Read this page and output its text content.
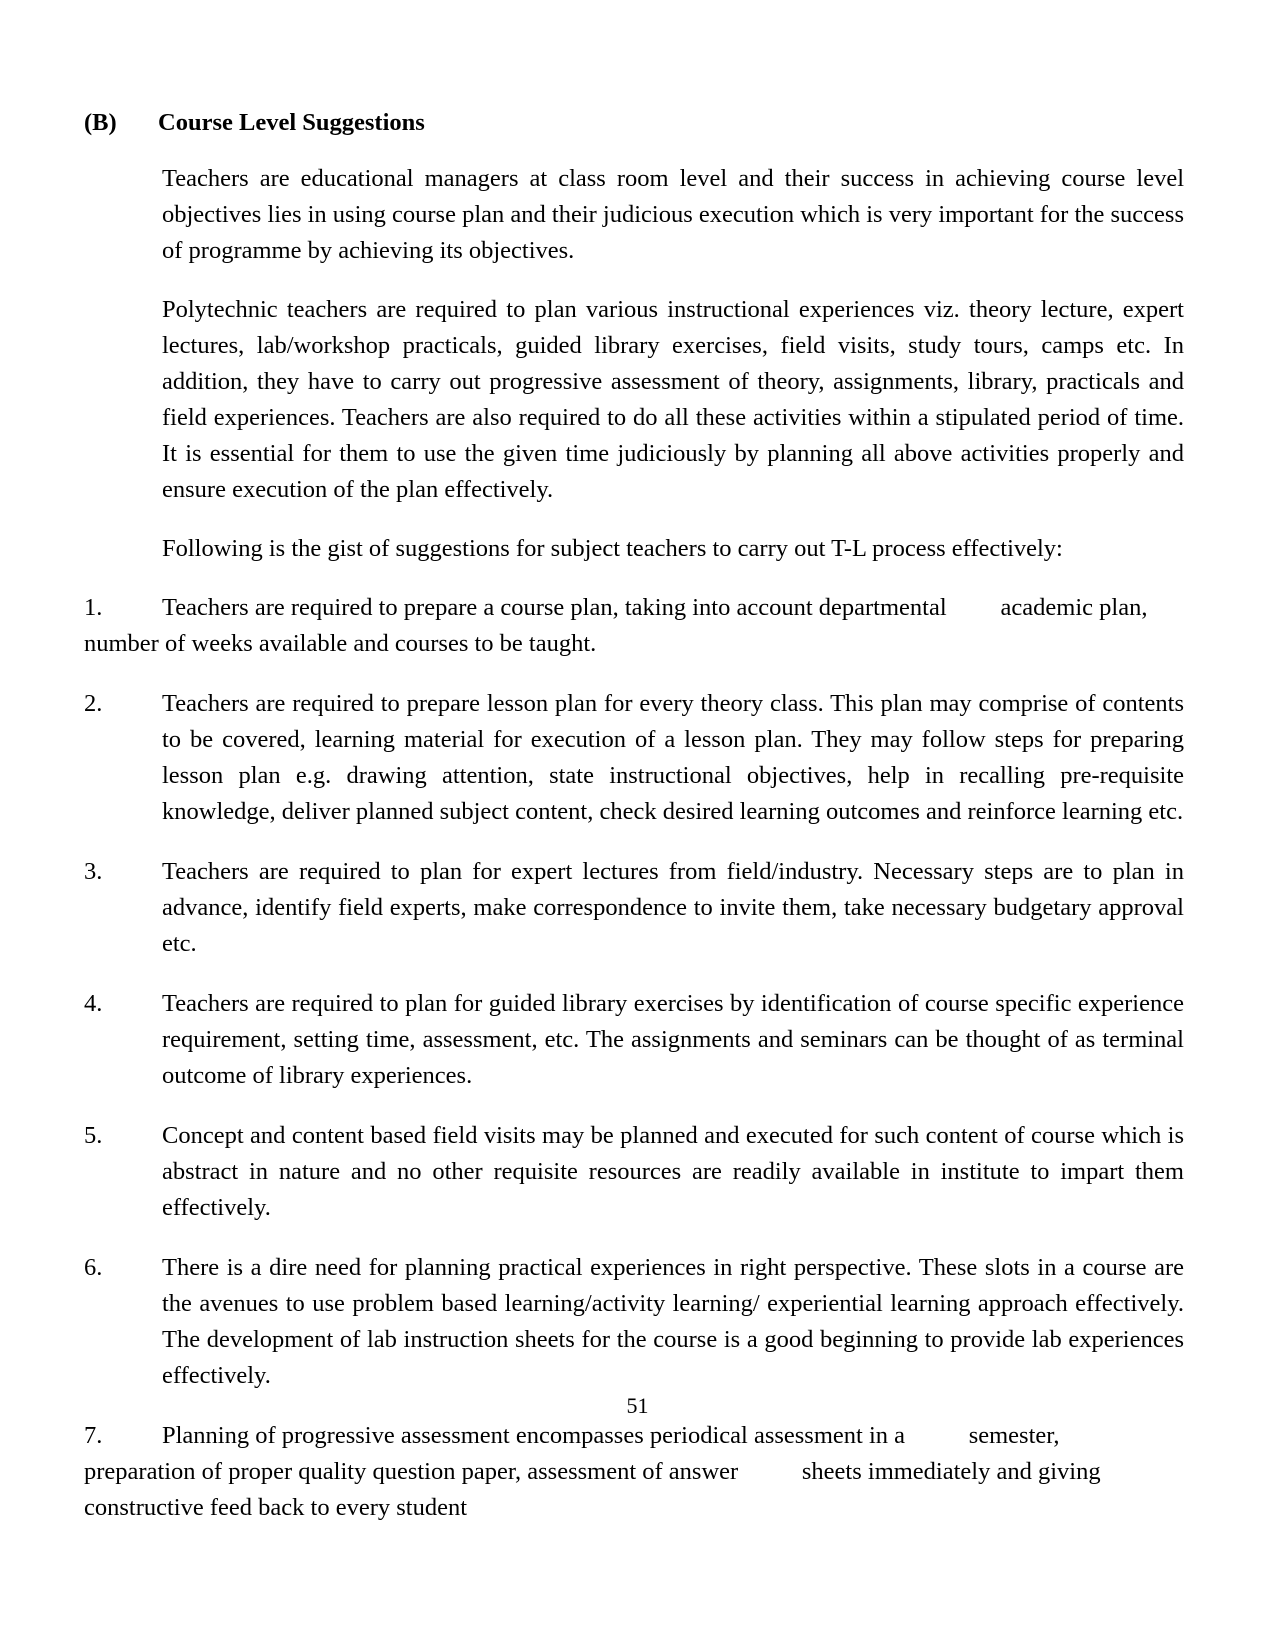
(B)	Course Level Suggestions

Teachers are educational managers at class room level and their success in achieving course level objectives lies in using course plan and their judicious execution which is very important for the success of programme by achieving its objectives.

Polytechnic teachers are required to plan various instructional experiences viz. theory lecture, expert lectures, lab/workshop practicals, guided library exercises, field visits, study tours, camps etc. In addition, they have to carry out progressive assessment of theory, assignments, library, practicals and field experiences. Teachers are also required to do all these activities within a stipulated period of time. It is essential for them to use the given time judiciously by planning all above activities properly and ensure execution of the plan effectively.

Following is the gist of suggestions for subject teachers to carry out T-L process effectively:

1. Teachers are required to prepare a course plan, taking into account departmental academic plan, number of weeks available and courses to be taught.
2.	Teachers are required to prepare lesson plan for every theory class. This plan may comprise of contents to be covered, learning material for execution of a lesson plan. They may follow steps for preparing lesson plan e.g. drawing attention, state instructional objectives, help in recalling pre-requisite knowledge, deliver planned subject content, check desired learning outcomes and reinforce learning etc.
3.	Teachers are required to plan for expert lectures from field/industry. Necessary steps are to plan in advance, identify field experts, make correspondence to invite them, take necessary budgetary approval etc.
4.	Teachers are required to plan for guided library exercises by identification of course specific experience requirement, setting time, assessment, etc. The assignments and seminars can be thought of as terminal outcome of library experiences.
5.	Concept and content based field visits may be planned and executed for such content of course which is abstract in nature and no other requisite resources are readily available in institute to impart them effectively.
6.	There is a dire need for planning practical experiences in right perspective. These slots in a course are the avenues to use problem based learning/activity learning/ experiential learning approach effectively. The development of lab instruction sheets for the course is a good beginning to provide lab experiences effectively.
7. Planning of progressive assessment encompasses periodical assessment in a	semester,preparation of proper quality question paper, assessment of answer	sheets immediately and giving constructive feed back to every student
51
